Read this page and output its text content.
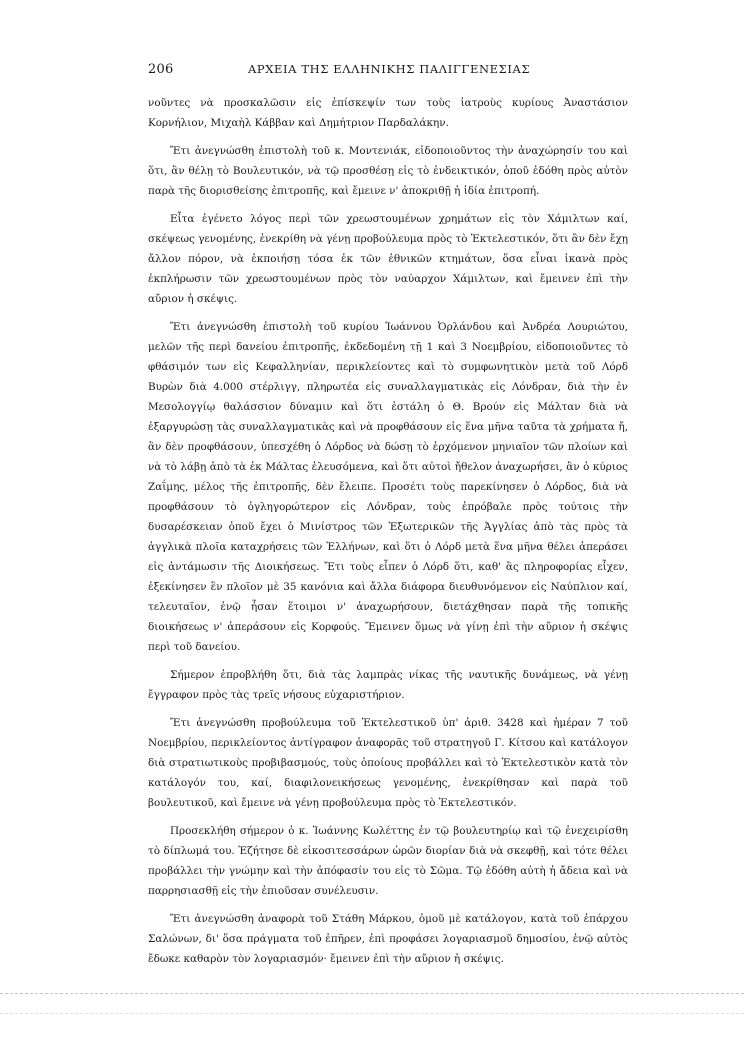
206	ΑΡΧΕΙΑ ΤΗΣ ΕΛΛΗΝΙΚΗΣ ΠΑΛΙΓΓΕΝΕΣΙΑΣ

νοῦντες νὰ προσκαλῶσιν εἰς ἐπίσκεψίν των τοὺς ἰατροὺς κυρίους Ἀναστάσιον Κορνήλιον, Μιχαὴλ Κάββαν καὶ Δημήτριον Παρδαλάκην.

Ἔτι ἀνεγνώσθη ἐπιστολὴ τοῦ κ. Μοντενιάκ, εἰδοποιοῦντος τὴν ἀναχώρησίν του καὶ ὅτι, ἂν θέλῃ τὸ Βουλευτικόν, νὰ τῷ προσθέσῃ εἰς τὸ ἐνδεικτικόν, ὁποῦ ἐδόθη πρὸς αὐτὸν παρὰ τῆς διορισθείσης ἐπιτροπῆς, καὶ ἔμεινε ν' ἀποκριθῇ ἡ ἰδία ἐπιτροπή.

Εἶτα ἐγένετο λόγος περὶ τῶν χρεωστουμένων χρημάτων εἰς τὸν Χάμιλτων καί, σκέψεως γενομένης, ἐνεκρίθη νὰ γένῃ προβούλευμα πρὸς τὸ Ἐκτελεστικόν, ὅτι ἂν δὲν ἔχῃ ἄλλον πόρον, νὰ ἐκποιήσῃ τόσα ἐκ τῶν ἐθνικῶν κτημάτων, ὅσα εἶναι ἱκανὰ πρὸς ἐκπλήρωσιν τῶν χρεωστουμένων πρὸς τὸν ναύαρχον Χάμιλτων, καὶ ἔμεινεν ἐπὶ τὴν αὔριον ἡ σκέψις.

Ἔτι ἀνεγνώσθη ἐπιστολὴ τοῦ κυρίου Ἰωάννου Ὀρλάνδου καὶ Ἀνδρέα Λουριώτου, μελῶν τῆς περὶ δανείου ἐπιτροπῆς, ἐκδεδομένη τῇ 1 καὶ 3 Νοεμβρίου, εἰδοποιοῦντες τὸ φθάσιμόν των εἰς Κεφαλληνίαν, περικλείοντες καὶ τὸ συμφωνητικὸν μετὰ τοῦ Λόρδ Βυρὼν διὰ 4.000 στέρλιγγ, πληρωτέα εἰς συναλλαγματικὰς εἰς Λόνδραν, διὰ τὴν ἐν Μεσολογγίῳ θαλάσσιον δύναμιν καὶ ὅτι ἐστάλη ὁ Θ. Βρούν εἰς Μάλταν διὰ νὰ ἐξαργυρώσῃ τὰς συναλλαγματικὰς καὶ νὰ προφθάσουν εἰς ἕνα μῆνα ταῦτα τὰ χρήματα ἤ, ἂν δὲν προφθάσουν, ὑπεσχέθη ὁ Λόρδος νὰ δώσῃ τὸ ἐρχόμενον μηνιαῖον τῶν πλοίων καὶ νὰ τὸ λάβῃ ἀπὸ τὰ ἐκ Μάλτας ἐλευσόμενα, καὶ ὅτι αὐτοὶ ἤθελον ἀναχωρήσει, ἂν ὁ κύριος Ζαΐμης, μέλος τῆς ἐπιτροπῆς, δὲν ἔλειπε. Προσέτι τοὺς παρεκίνησεν ὁ Λόρδος, διὰ νὰ προφθάσουν τὸ ὀγληγορώτερον εἰς Λόνδραν, τοὺς ἐπρόβαλε πρὸς τούτοις τὴν δυσαρέσκειαν ὁποῦ ἔχει ὁ Μινίστρος τῶν Ἐξωτερικῶν τῆς Ἀγγλίας ἀπὸ τὰς πρὸς τὰ ἀγγλικὰ πλοῖα καταχρήσεις τῶν Ἑλλήνων, καὶ ὅτι ὁ Λόρδ μετὰ ἕνα μῆνα θέλει ἀπεράσει εἰς ἀντάμωσιν τῆς Διοικήσεως. Ἔτι τοὺς εἶπεν ὁ Λόρδ ὅτι, καθ' ἃς πληροφορίας εἶχεν, ἐξεκίνησεν ἓν πλοῖον μὲ 35 κανόνια καὶ ἄλλα διάφορα διευθυνόμενον εἰς Ναύπλιον καί, τελευταῖον, ἐνῷ ἦσαν ἕτοιμοι ν' ἀναχωρήσουν, διετάχθησαν παρὰ τῆς τοπικῆς διοικήσεως ν' ἀπεράσουν εἰς Κορφούς. Ἔμεινεν ὅμως νὰ γίνῃ ἐπὶ τὴν αὔριον ἡ σκέψις περὶ τοῦ δανείου.

Σήμερον ἐπροβλήθη ὅτι, διὰ τὰς λαμπρὰς νίκας τῆς ναυτικῆς δυνάμεως, νὰ γένῃ ἔγγραφον πρὸς τὰς τρεῖς νήσους εὐχαριστήριον.

Ἔτι ἀνεγνώσθη προβούλευμα τοῦ Ἐκτελεστικοῦ ὑπ' ἀριθ. 3428 καὶ ἡμέραν 7 τοῦ Νοεμβρίου, περικλείοντος ἀντίγραφον ἀναφορᾶς τοῦ στρατηγοῦ Γ. Κίτσου καὶ κατάλογον διὰ στρατιωτικοὺς προβιβασμούς, τοὺς ὁποίους προβάλλει καὶ τὸ Ἐκτελεστικὸν κατὰ τὸν κατάλογόν του, καί, διαφιλονεικήσεως γενομένης, ἐνεκρίθησαν καὶ παρὰ τοῦ βουλευτικοῦ, καὶ ἔμεινε νὰ γένῃ προβούλευμα πρὸς τὸ Ἐκτελεστικόν.

Προσεκλήθη σήμερον ὁ κ. Ἰωάννης Κωλέττης ἐν τῷ βουλευτηρίῳ καὶ τῷ ἐνεχειρίσθη τὸ δίπλωμά του. Ἐζήτησε δὲ εἰκοσιτεσσάρων ὡρῶν διορίαν διὰ νὰ σκεφθῇ, καὶ τότε θέλει προβάλλει τὴν γνώμην καὶ τὴν ἀπόφασίν του εἰς τὸ Σῶμα. Τῷ ἐδόθη αὐτὴ ἡ ἄδεια καὶ νὰ παρρησιασθῇ εἰς τὴν ἐπιοῦσαν συνέλευσιν.

Ἔτι ἀνεγνώσθη ἀναφορὰ τοῦ Στάθη Μάρκου, ὁμοῦ μὲ κατάλογον, κατὰ τοῦ ἐπάρχου Σαλώνων, δι' ὅσα πράγματα τοῦ ἐπῆρεν, ἐπὶ προφάσει λογαριασμοῦ δημοσίου, ἐνῷ αὐτὸς ἔδωκε καθαρὸν τὸν λογαριασμόν· ἔμεινεν ἐπὶ τὴν αὔριον ἡ σκέψις.
